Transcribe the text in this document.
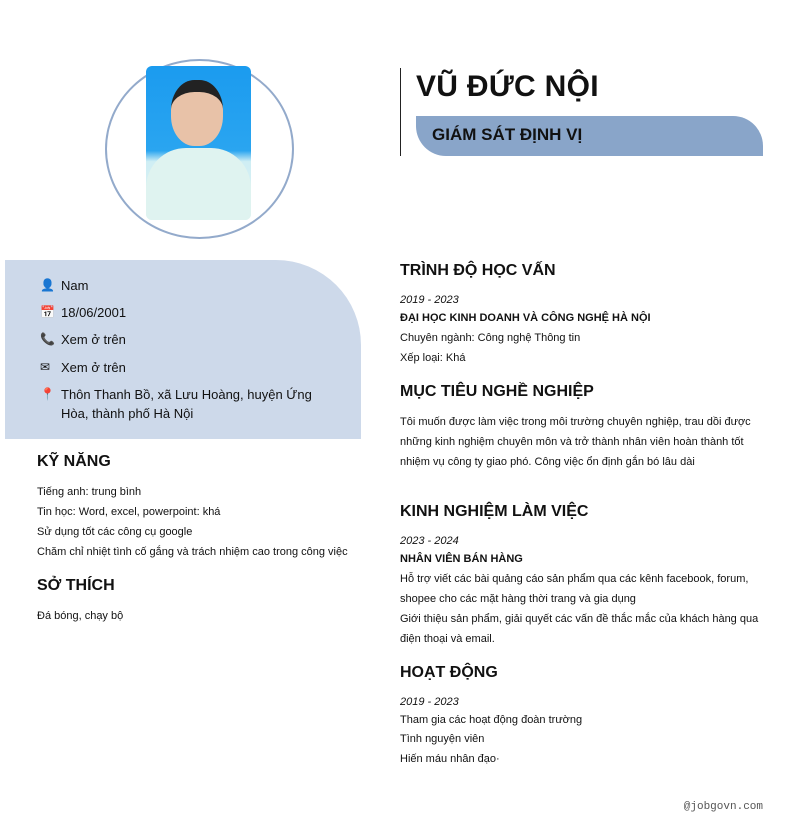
VŨ ĐỨC NỘI
GIÁM SÁT ĐỊNH VỊ
👤 Nam
📅 18/06/2001
📞 Xem ở trên
✉ Xem ở trên
📍 Thôn Thanh Bồ, xã Lưu Hoàng, huyện Ứng Hòa, thành phố Hà Nội
KỸ NĂNG
Tiếng anh: trung bình
Tin học: Word, excel, powerpoint: khá
Sử dụng tốt các công cụ google
Chăm chỉ nhiệt tình cố gắng và trách nhiệm cao trong công việc
SỞ THÍCH
Đá bóng, chạy bộ
TRÌNH ĐỘ HỌC VẤN
2019 - 2023
ĐẠI HỌC KINH DOANH VÀ CÔNG NGHỆ HÀ NỘI
Chuyên ngành: Công nghệ Thông tin
Xếp loại: Khá
MỤC TIÊU NGHỀ NGHIỆP
Tôi muốn được làm việc trong môi trường chuyên nghiệp, trau dồi được những kinh nghiệm chuyên môn và trở thành nhân viên hoàn thành tốt nhiệm vụ công ty giao phó. Công việc ổn định gắn bó lâu dài
KINH NGHIỆM LÀM VIỆC
2023 - 2024
NHÂN VIÊN BÁN HÀNG
Hỗ trợ viết các bài quảng cáo sản phẩm qua các kênh facebook, forum, shopee cho các mặt hàng thời trang và gia dụng
Giới thiệu sản phẩm, giải quyết các vấn đề thắc mắc của khách hàng qua điện thoại và email.
HOẠT ĐỘNG
2019 - 2023
Tham gia các hoạt động đoàn trường
Tình nguyện viên
Hiến máu nhân đạo·
@jobgovn.com
